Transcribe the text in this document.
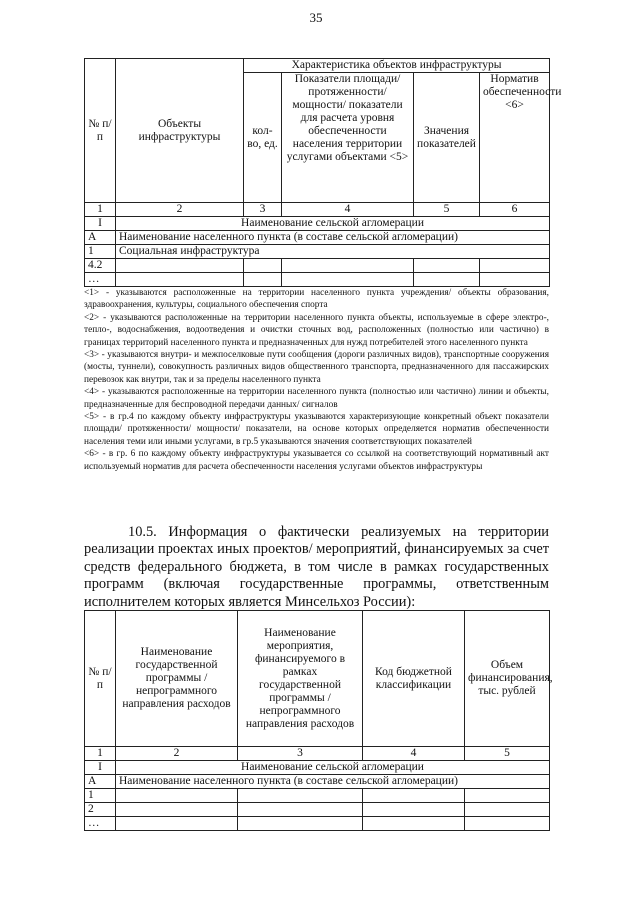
35
№ п/п	Объекты инфраструктуры	Характеристика объектов инфраструктуры			
		кол-во, ед.	Показатели площади/ протяженности/ мощности/ показатели для расчета уровня обеспеченности населения территории услугами объектами <5>	Значения показателей	Норматив обеспеченности <6>
1	2	3	4	5	6
I	Наименование сельской агломерации				
А	Наименование населенного пункта (в составе сельской агломерации)				
1	Социальная инфраструктура				
4.2					
…					

<1> - указываются расположенные на территории населенного пункта учреждения/ объекты образования, здравоохранения, культуры, социального обеспечения спорта

<2> - указываются расположенные на территории населенного пункта объекты, используемые в сфере электро-, тепло-, водоснабжения, водоотведения и очистки сточных вод, расположенных (полностью или частично) в границах территорий населенного пункта и предназначенных для нужд потребителей этого населенного пункта

<3> - указываются внутри- и межпоселковые пути сообщения (дороги различных видов), транспортные сооружения (мосты, туннели), совокупность различных видов общественного транспорта, предназначенного для пассажирских перевозок как внутри, так и за пределы населенного пункта

<4> - указываются расположенные на территории населенного пункта (полностью или частично) линии и объекты, предназначенные для беспроводной передачи данных/ сигналов

<5> - в гр.4 по каждому объекту инфраструктуры указываются характеризующие конкретный объект показатели площади/ протяженности/ мощности/ показатели, на основе которых определяется норматив обеспеченности населения теми или иными услугами, в гр.5 указываются значения соответствующих показателей

<6> - в гр. 6 по каждому объекту инфраструктуры указывается со ссылкой на соответствующий нормативный акт используемый норматив для расчета обеспеченности населения услугами объектов инфраструктуры

10.5. Информация о фактически реализуемых на территории реализации проектах иных проектов/ мероприятий, финансируемых за счет средств федерального бюджета, в том числе в рамках государственных программ (включая государственные программы, ответственным исполнителем которых является Минсельхоз России):

№ п/п	Наименование государственной программы / непрограммного направления расходов	Наименование мероприятия, финансируемого в рамках государственной программы / непрограммного направления расходов	Код бюджетной классификации	Объем финансирования, тыс. рублей
1	2	3	4	5
I	Наименование сельской агломерации			
А	Наименование населенного пункта (в составе сельской агломерации)			
1				
2				
…				
